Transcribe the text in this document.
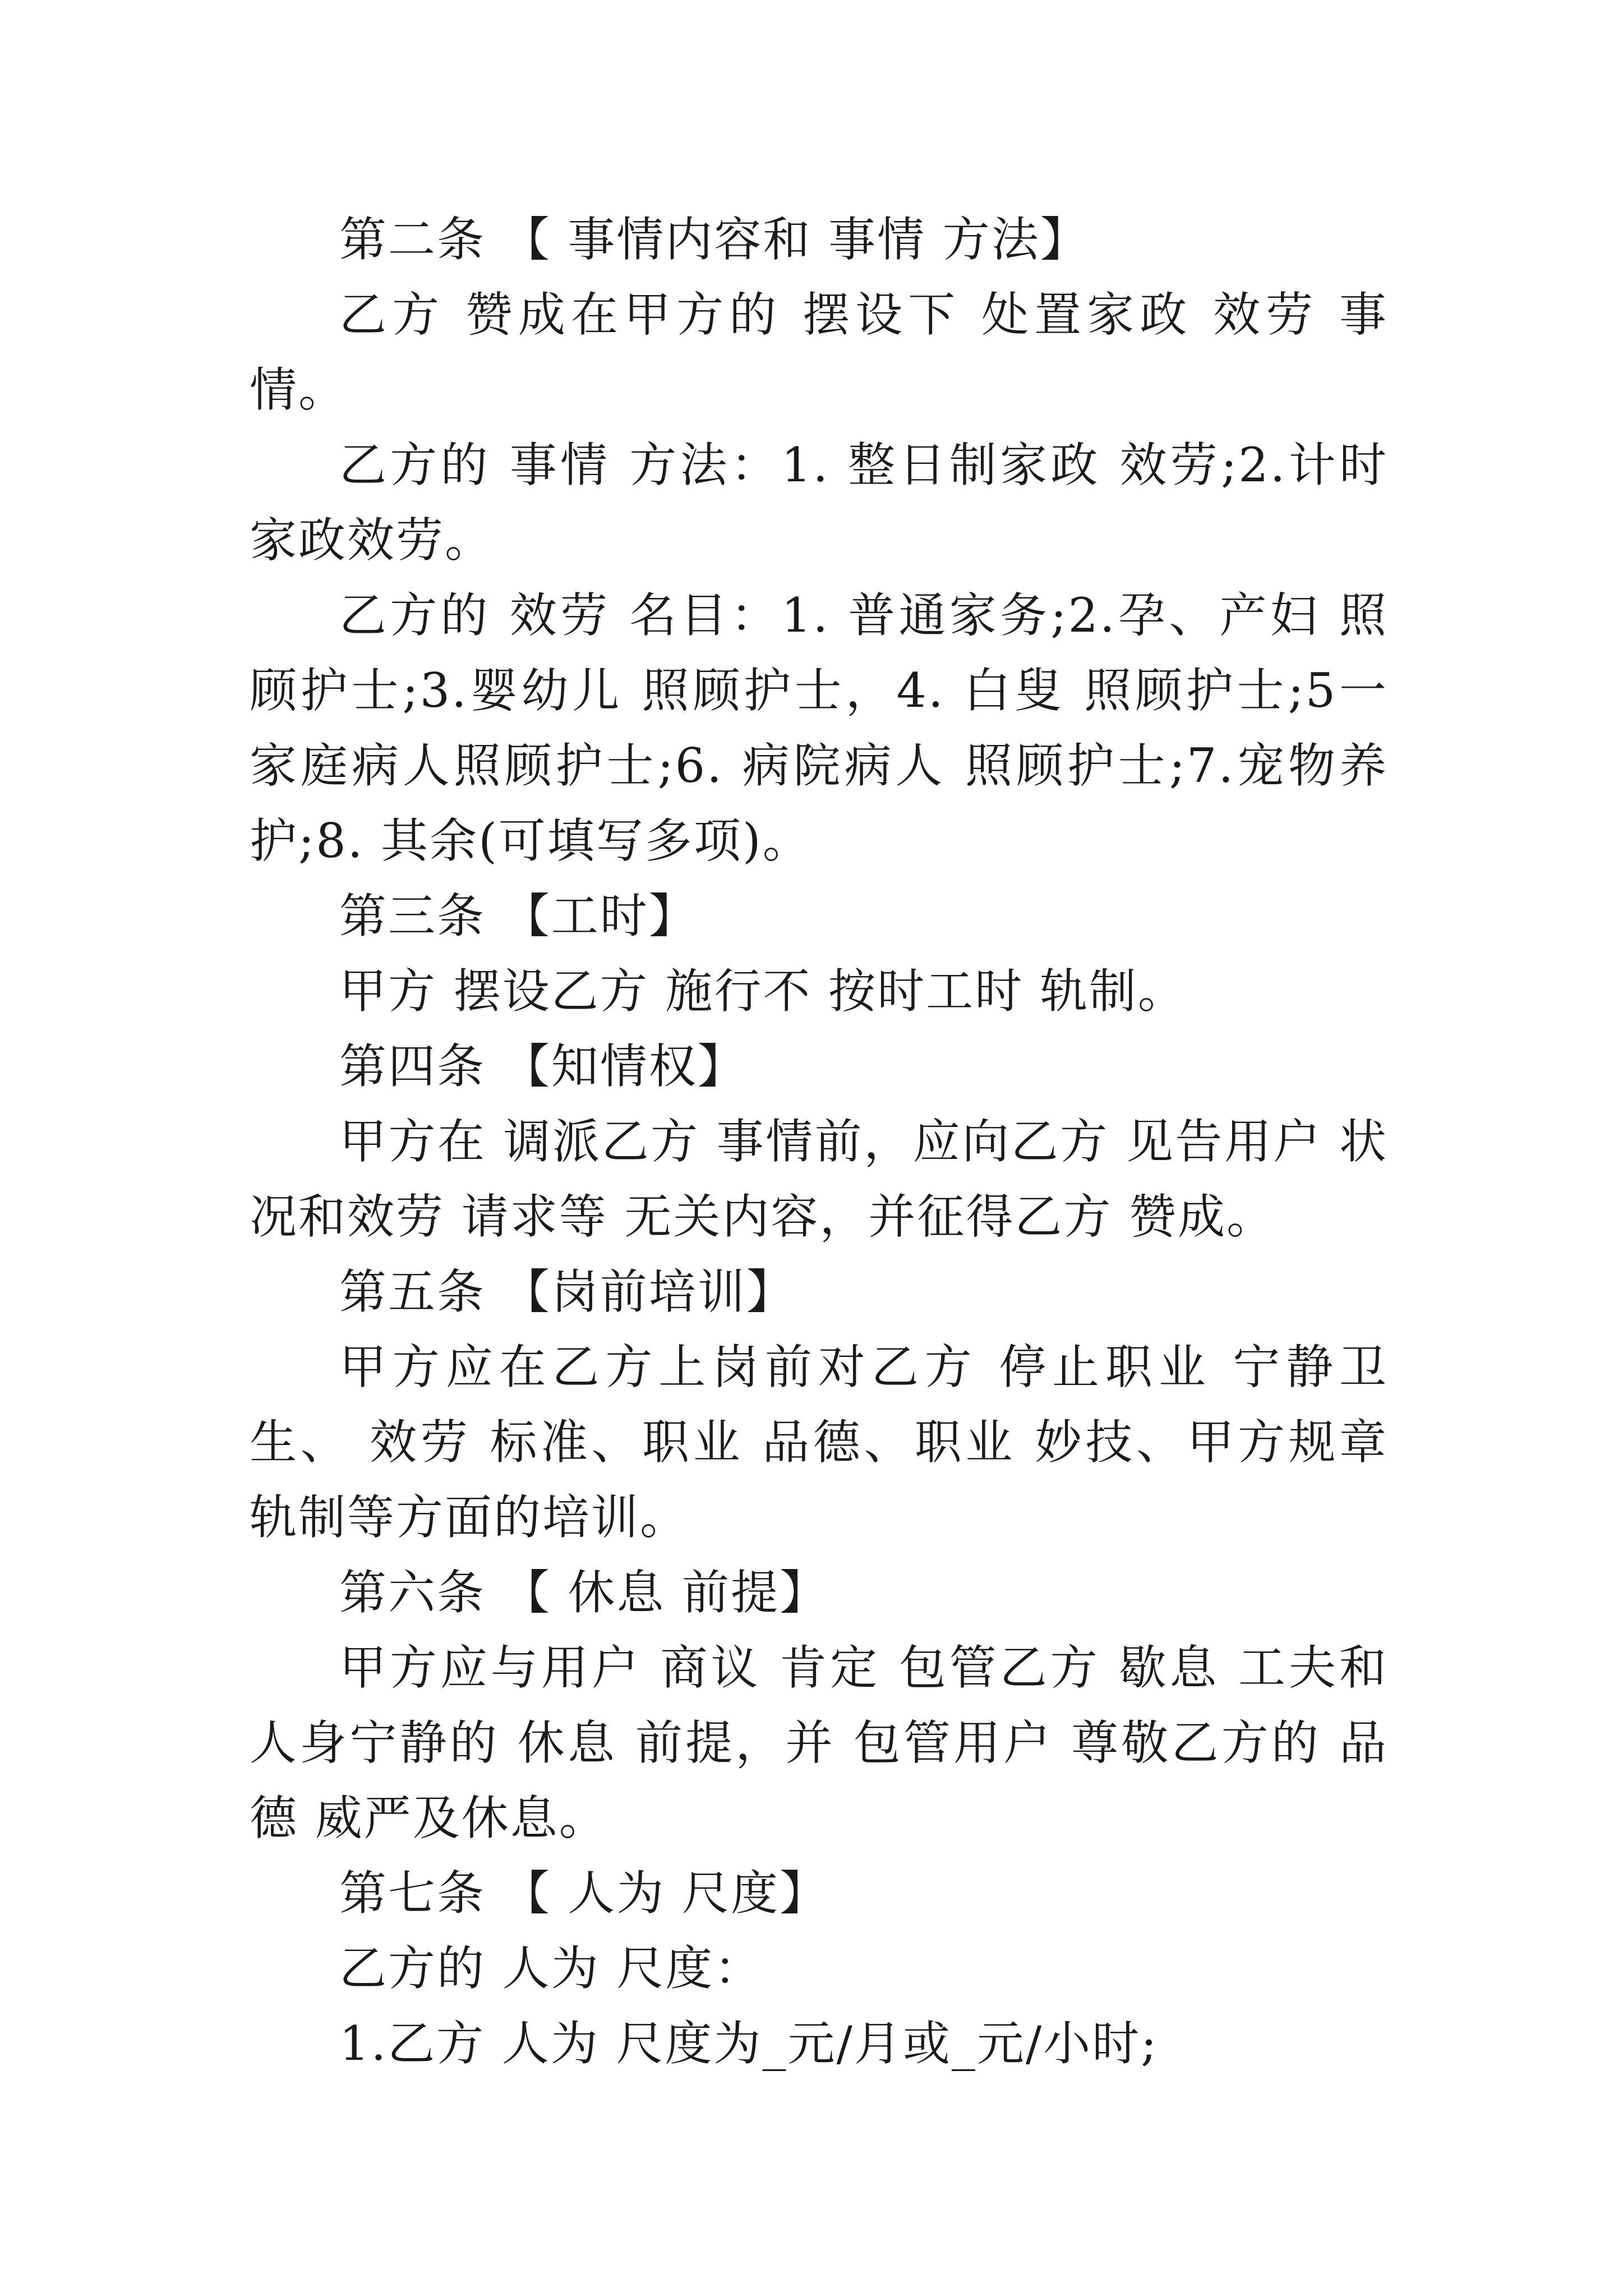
第二条 【 事情内容和 事情 方法】

乙方 赞成在甲方的 摆设下 处置家政 效劳 事情。

乙方的 事情 方法：1. 整日制家政 效劳;2.计时家政效劳。

乙方的 效劳 名目：1. 普通家务;2.孕、产妇 照顾护士;3.婴幼儿 照顾护士，4. 白叟 照顾护士;5一家庭病人照顾护士;6. 病院病人 照顾护士;7.宠物养护;8. 其余(可填写多项)。

第三条 【工时】

甲方 摆设乙方 施行不 按时工时 轨制。

第四条 【知情权】

甲方在 调派乙方 事情前，应向乙方 见告用户 状况和效劳 请求等 无关内容，并征得乙方 赞成。

第五条 【岗前培训】

甲方应在乙方上岗前对乙方 停止职业 宁静卫生、 效劳 标准、职业 品德、职业 妙技、甲方规章 轨制等方面的培训。

第六条 【 休息 前提】

甲方应与用户 商议 肯定 包管乙方 歇息 工夫和人身宁静的 休息 前提，并 包管用户 尊敬乙方的 品德 威严及休息。

第七条 【 人为 尺度】

乙方的 人为 尺度：

1.乙方 人为 尺度为_元/月或_元/小时;
